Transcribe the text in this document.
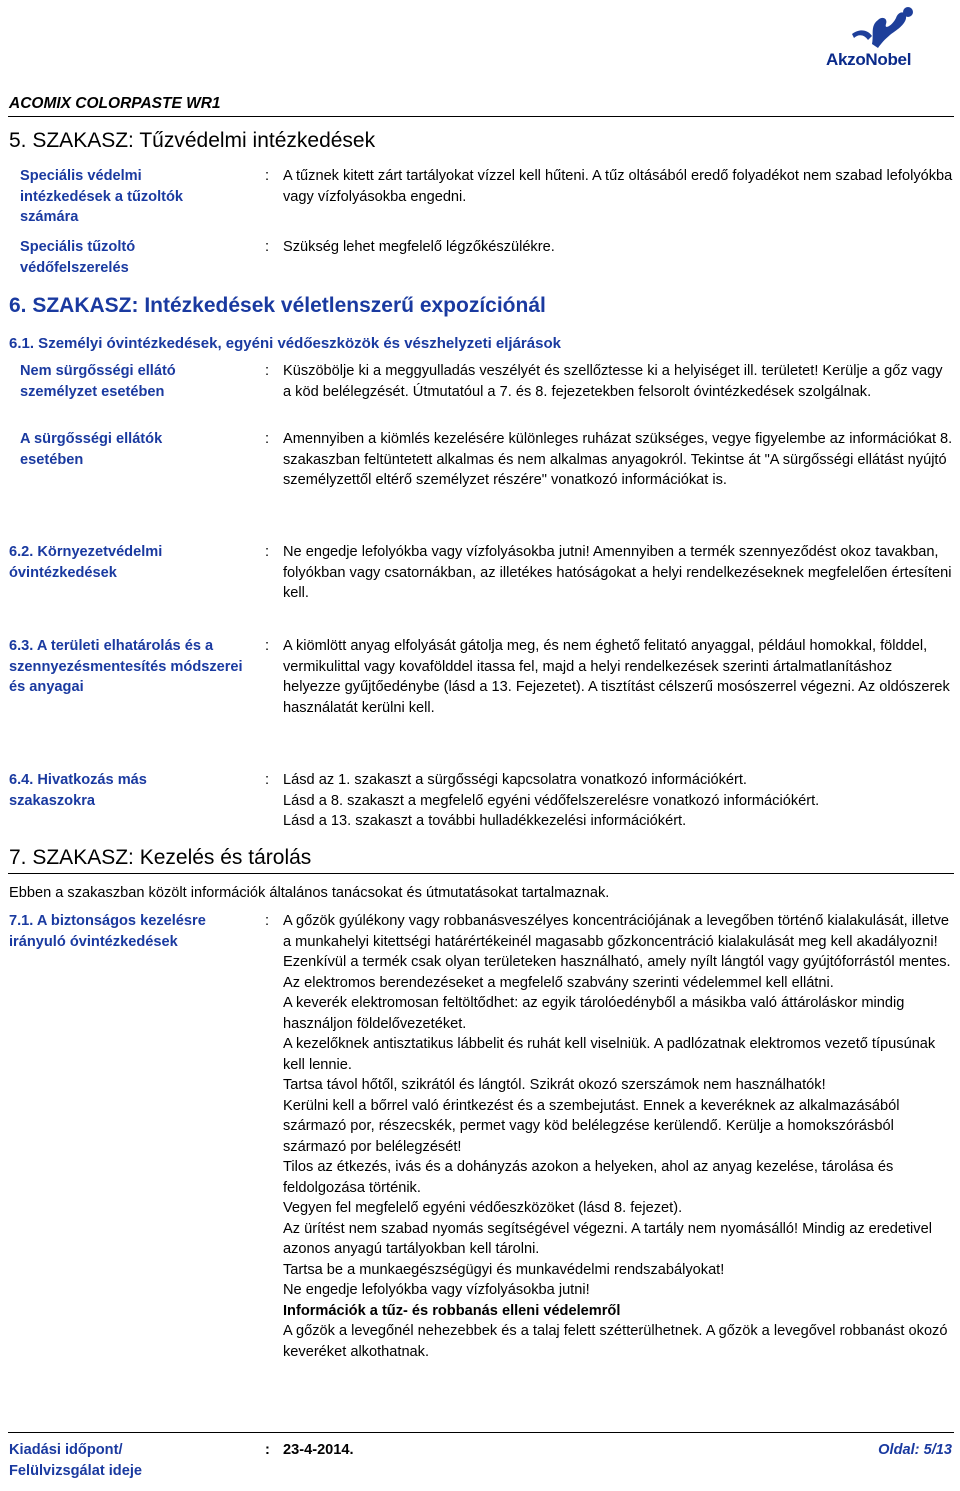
AkzoNobel
ACOMIX COLORPASTE WR1
5. SZAKASZ: Tűzvédelmi intézkedések
Speciális védelmi intézkedések a tűzoltók számára
: A tűznek kitett zárt tartályokat vízzel kell hűteni. A tűz oltásából eredő folyadékot nem szabad lefolyókba vagy vízfolyásokba engedni.
Speciális tűzoltó védőfelszerelés
: Szükség lehet megfelelő légzőkészülékre.
6. SZAKASZ: Intézkedések véletlenszerű expozíciónál
6.1. Személyi óvintézkedések, egyéni védőeszközök és vészhelyzeti eljárások
Nem sürgősségi ellátó személyzet esetében
: Küszöbölje ki a meggyulladás veszélyét és szellőztesse ki a helyiséget ill. területet! Kerülje a gőz vagy a köd belélegzését. Útmutatóul a 7. és 8. fejezetekben felsorolt óvintézkedések szolgálnak.
A sürgősségi ellátók esetében
: Amennyiben a kiömlés kezelésére különleges ruházat szükséges, vegye figyelembe az információkat 8. szakaszban feltüntetett alkalmas és nem alkalmas anyagokról. Tekintse át "A sürgősségi ellátást nyújtó személyzettől eltérő személyzet részére" vonatkozó információkat is.
6.2. Környezetvédelmi óvintézkedések
: Ne engedje lefolyókba vagy vízfolyásokba jutni! Amennyiben a termék szennyeződést okoz tavakban, folyókban vagy csatornákban, az illetékes hatóságokat a helyi rendelkezéseknek megfelelően értesíteni kell.
6.3. A területi elhatárolás és a szennyezésmentesítés módszerei és anyagai
: A kiömlött anyag elfolyását gátolja meg, és nem éghető felitató anyaggal, például homokkal, földdel, vermikulittal vagy kovafölddel itassa fel, majd a helyi rendelkezések szerinti ártalmatlanításhoz helyezze gyűjtőedénybe (lásd a 13. Fejezetet). A tisztítást célszerű mosószerrel végezni. Az oldószerek használatát kerülni kell.
6.4. Hivatkozás más szakaszokra
: Lásd az 1. szakaszt a sürgősségi kapcsolatra vonatkozó információkért.

Lásd a 8. szakaszt a megfelelő egyéni védőfelszerelésre vonatkozó információkért.

Lásd a 13. szakaszt a további hulladékkezelési információkért.

7. SZAKASZ: Kezelés és tárolás
Ebben a szakaszban közölt információk általános tanácsokat és útmutatásokat tartalmaznak.
7.1. A biztonságos kezelésre irányuló óvintézkedések
: A gőzök gyúlékony vagy robbanásveszélyes koncentrációjának a levegőben történő kialakulását, illetve a munkahelyi kitettségi határértékeinél magasabb gőzkoncentráció kialakulását meg kell akadályozni!

Ezenkívül a termék csak olyan területeken használható, amely nyílt lángtól vagy gyújtóforrástól mentes. Az elektromos berendezéseket a megfelelő szabvány szerinti védelemmel kell ellátni.

A keverék elektromosan feltöltődhet: az egyik tárolóedényből a másikba való áttároláskor mindig használjon földelővezetéket.

A kezelőknek antisztatikus lábbelit és ruhát kell viselniük. A padlózatnak elektromos vezető típusúnak kell lennie.

Tartsa távol hőtől, szikrától és lángtól. Szikrát okozó szerszámok nem használhatók!

Kerülni kell a bőrrel való érintkezést és a szembejutást. Ennek a keveréknek az alkalmazásából származó por, részecskék, permet vagy köd belélegzése kerülendő. Kerülje a homokszórásból származó por belélegzését!

Tilos az étkezés, ivás és a dohányzás azokon a helyeken, ahol az anyag kezelése, tárolása és feldolgozása történik.

Vegyen fel megfelelő egyéni védőeszközöket (lásd 8. fejezet).

Az ürítést nem szabad nyomás segítségével végezni. A tartály nem nyomásálló! Mindig az eredetivel azonos anyagú tartályokban kell tárolni.

Tartsa be a munkaegészségügyi és munkavédelmi rendszabályokat!

Ne engedje lefolyókba vagy vízfolyásokba jutni!

Információk a tűz- és robbanás elleni védelemről

A gőzök a levegőnél nehezebbek és a talaj felett szétterülhetnek. A gőzök a levegővel robbanást okozó keveréket alkothatnak.

Kiadási időpont/
Felülvizsgálat ideje
: 23-4-2014.	Oldal: 5/13
